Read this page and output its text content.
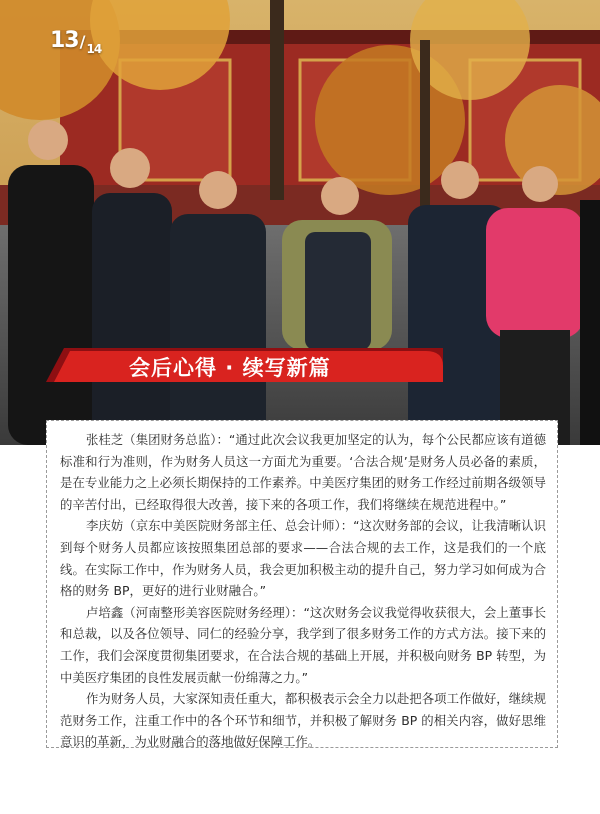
13/ $_{14}$
会后心得 · 续写新篇

张桂芝（集团财务总监）：“通过此次会议我更加坚定的认为，每个公民都应该有道德标准和行为准则，作为财务人员这一方面尤为重要。‘合法合规’是财务人员必备的素质，是在专业能力之上必须长期保持的工作素养。中美医疗集团的财务工作经过前期各级领导的辛苦付出，已经取得很大改善，接下来的各项工作，我们将继续在规范进程中。”

李庆妨（京东中美医院财务部主任、总会计师）：“这次财务部的会议，让我清晰认识到每个财务人员都应该按照集团总部的要求——合法合规的去工作，这是我们的一个底线。在实际工作中，作为财务人员，我会更加积极主动的提升自己，努力学习如何成为合格的财务 BP，更好的进行业财融合。”

卢培鑫（河南整形美容医院财务经理）：“这次财务会议我觉得收获很大，会上董事长和总裁，以及各位领导、同仁的经验分享，我学到了很多财务工作的方式方法。接下来的工作，我们会深度贯彻集团要求，在合法合规的基础上开展，并积极向财务 BP 转型，为中美医疗集团的良性发展贡献一份绵薄之力。”

作为财务人员，大家深知责任重大，都积极表示会全力以赴把各项工作做好，继续规范财务工作，注重工作中的各个环节和细节，并积极了解财务 BP 的相关内容，做好思维意识的革新，为业财融合的落地做好保障工作。
